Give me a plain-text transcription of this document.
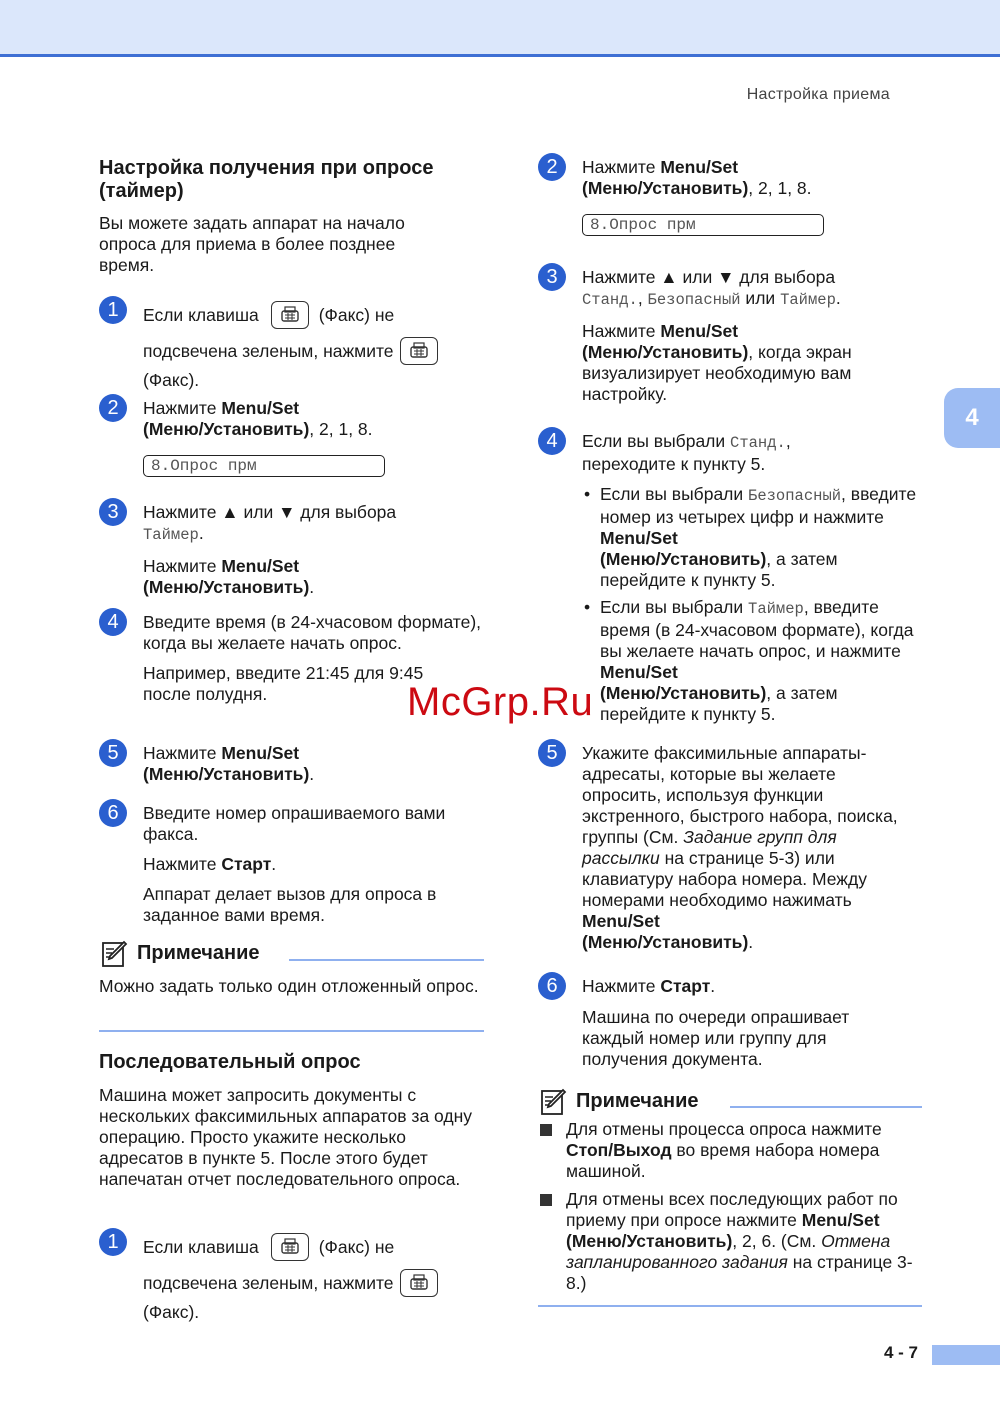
Настройка приема
4
4 - 7
Настройка получения при опросе (таймер)

Вы можете задать аппарат на начало опроса для приема в более позднее время.

1	Если клавиша	(Факс) не
подсвечена зеленым, нажмите
(Факс).
2	Нажмите Menu/Set
(Меню/Установить), 2, 1, 8.
8.Опрос прм
3	Нажмите ▲ или ▼ для выбора
Таймер.
Нажмите Menu/Set
(Меню/Установить).
4	Введите время (в 24-хчасовом формате), когда вы желаете начать опрос.

Например, введите 21:45 для 9:45 после полудня.

5	Нажмите Menu/Set
(Меню/Установить).
6	Введите номер опрашиваемого вами факса.

Нажмите Старт.

Аппарат делает вызов для опроса в заданное вами время.

Примечание

Можно задать только один отложенный опрос.

Последовательный опрос

Машина может запросить документы с нескольких факсимильных аппаратов за одну операцию. Просто укажите несколько адресатов в пункте 5. После этого будет напечатан отчет последовательного опроса.

1	Если клавиша	(Факс) не
подсвечена зеленым, нажмите
(Факс).
2	Нажмите Menu/Set
(Меню/Установить), 2, 1, 8.
8.Опрос прм
3	Нажмите ▲ или ▼ для выбора
Станд., Безопасный или Таймер.
Нажмите Menu/Set
(Меню/Установить), когда экран визуализирует необходимую вам настройку.
4	Если вы выбрали Станд., переходите к пункту 5.
• Если вы выбрали Безопасный, введите номер из четырех цифр и нажмите Menu/Set
(Меню/Установить), а затем перейдите к пункту 5.
• Если вы выбрали Таймер, введите время (в 24-хчасовом формате), когда вы желаете начать опрос, и нажмите Menu/Set
(Меню/Установить), а затем перейдите к пункту 5.
5	Укажите факсимильные аппараты-адресаты, которые вы желаете опросить, используя функции экстренного, быстрого набора, поиска, группы (См. Задание групп для рассылки на странице 5-3) или клавиатуру набора номера. Между номерами необходимо нажимать Menu/Set
(Меню/Установить).
6	Нажмите Старт.

Машина по очереди опрашивает каждый номер или группу для получения документа.

Примечание
Для отмены процесса опроса нажмите Стоп/Выход во время набора номера машиной.
Для отмены всех последующих работ по приему при опросе нажмите Menu/Set (Меню/Установить), 2, 6. (См. Отмена запланированного задания на странице 3-8.)
McGrp.Ru
